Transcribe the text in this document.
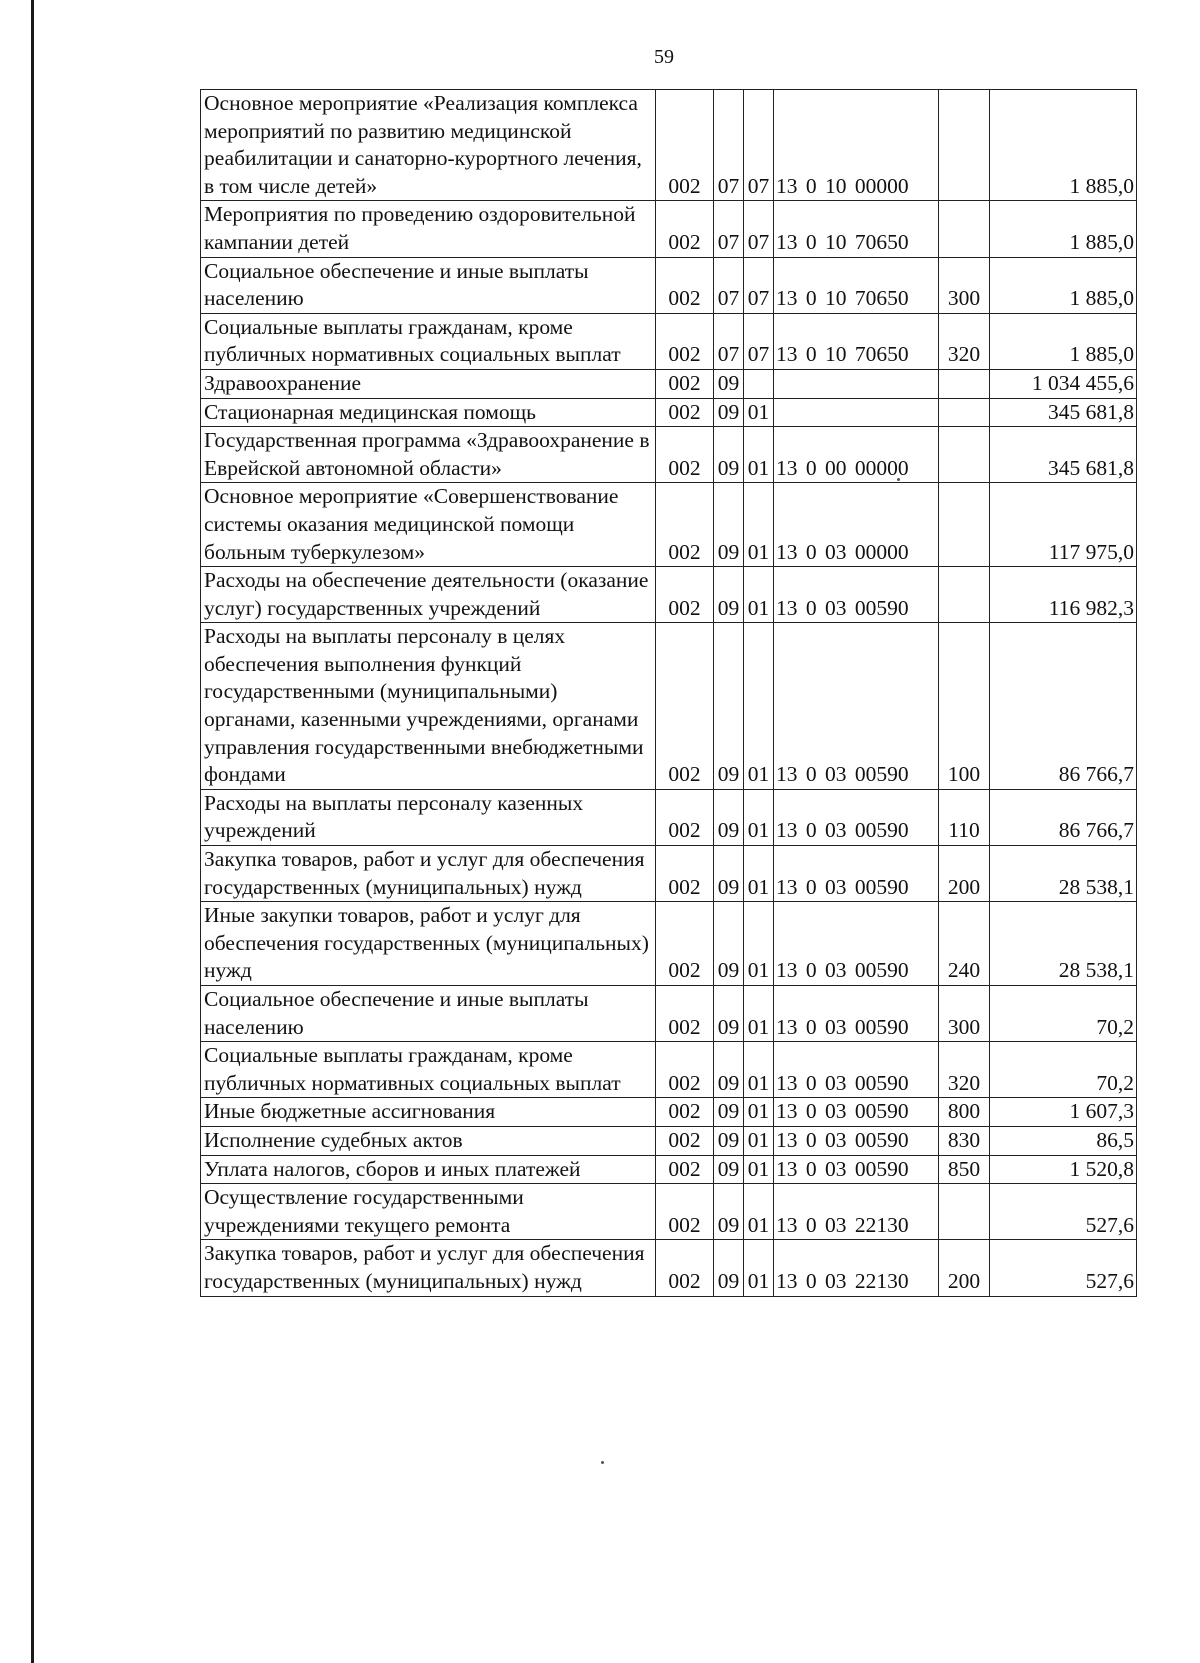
59
Основное мероприятие «Реализация комплекса мероприятий по развитию медицинской реабилитации и санаторно-курортного лечения, в том числе детей»	002	07	07	13 0 10 00000		1 885,0
Мероприятия по проведению оздоровительной кампании детей	002	07	07	13 0 10 70650		1 885,0
Социальное обеспечение и иные выплаты населению	002	07	07	13 0 10 70650	300	1 885,0
Социальные выплаты гражданам, кроме публичных нормативных социальных выплат	002	07	07	13 0 10 70650	320	1 885,0
Здравоохранение	002	09				1 034 455,6
Стационарная медицинская помощь	002	09	01			345 681,8
Государственная программа «Здравоохранение в Еврейской автономной области»	002	09	01	13 0 00 00000		345 681,8
Основное мероприятие «Совершенствование системы оказания медицинской помощи больным туберкулезом»	002	09	01	13 0 03 00000		117 975,0
Расходы на обеспечение деятельности (оказание услуг) государственных учреждений	002	09	01	13 0 03 00590		116 982,3
Расходы на выплаты персоналу в целях обеспечения выполнения функций государственными (муниципальными) органами, казенными учреждениями, органами управления государственными внебюджетными фондами	002	09	01	13 0 03 00590	100	86 766,7
Расходы на выплаты персоналу казенных учреждений	002	09	01	13 0 03 00590	110	86 766,7
Закупка товаров, работ и услуг для обеспечения государственных (муниципальных) нужд	002	09	01	13 0 03 00590	200	28 538,1
Иные закупки товаров, работ и услуг для обеспечения государственных (муниципальных) нужд	002	09	01	13 0 03 00590	240	28 538,1
Социальное обеспечение и иные выплаты населению	002	09	01	13 0 03 00590	300	70,2
Социальные выплаты гражданам, кроме публичных нормативных социальных выплат	002	09	01	13 0 03 00590	320	70,2
Иные бюджетные ассигнования	002	09	01	13 0 03 00590	800	1 607,3
Исполнение судебных актов	002	09	01	13 0 03 00590	830	86,5
Уплата налогов, сборов и иных платежей	002	09	01	13 0 03 00590	850	1 520,8
Осуществление государственными учреждениями текущего ремонта	002	09	01	13 0 03 22130		527,6
Закупка товаров, работ и услуг для обеспечения государственных (муниципальных) нужд	002	09	01	13 0 03 22130	200	527,6
